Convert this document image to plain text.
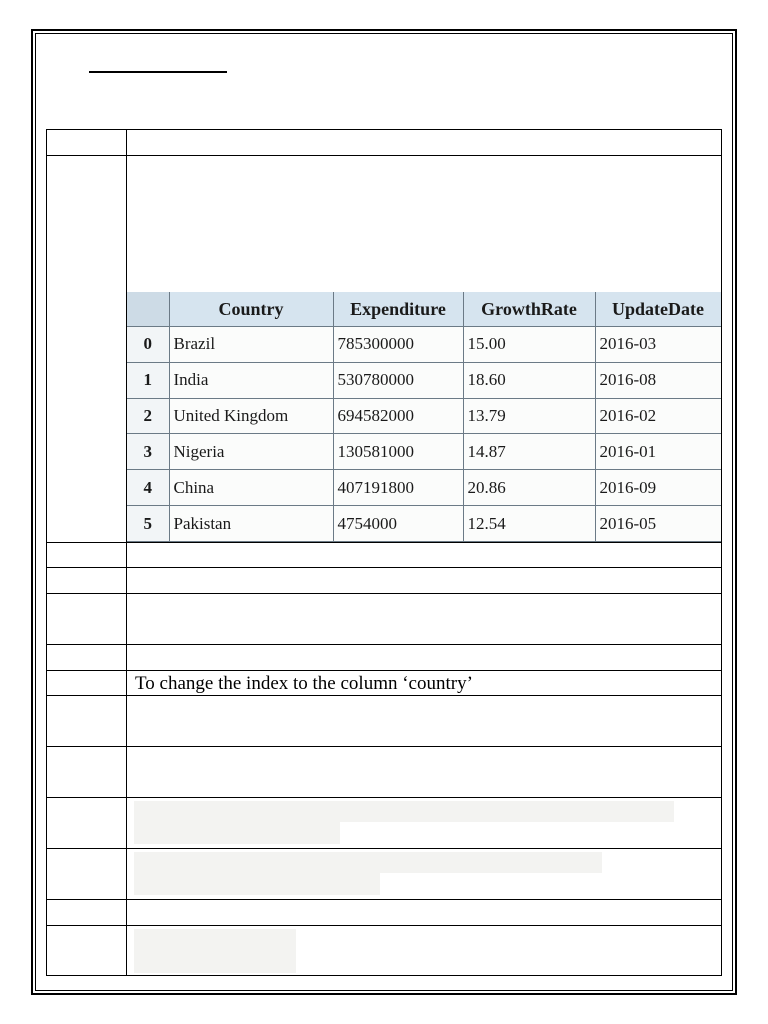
	Country	Expenditure	GrowthRate	UpdateDate
0	Brazil	785300000	15.00	2016-03
1	India	530780000	18.60	2016-08
2	United Kingdom	694582000	13.79	2016-02
3	Nigeria	130581000	14.87	2016-01
4	China	407191800	20.86	2016-09
5	Pakistan	4754000	12.54	2016-05
To change the index to the column ‘country’
